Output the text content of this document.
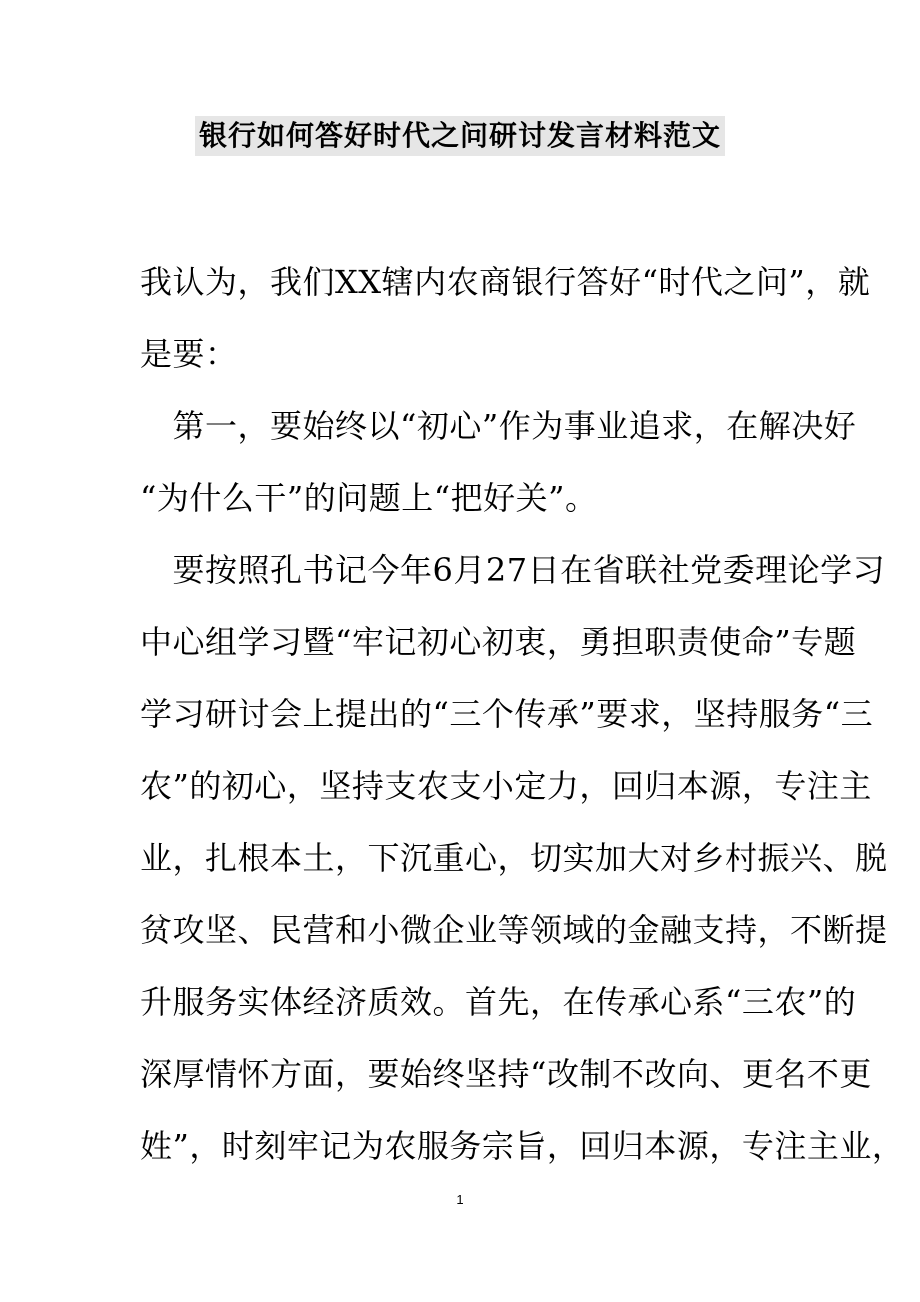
银行如何答好时代之问研讨发言材料范文
我认为，我们XX辖内农商银行答好“时代之问”，就
是要：
　第一，要始终以“初心”作为事业追求，在解决好
“为什么干”的问题上“把好关”。
　要按照孔书记今年6月27日在省联社党委理论学习
中心组学习暨“牢记初心初衷，勇担职责使命”专题
学习研讨会上提出的“三个传承”要求，坚持服务“三
农”的初心，坚持支农支小定力，回归本源，专注主
业，扎根本土，下沉重心，切实加大对乡村振兴、脱
贫攻坚、民营和小微企业等领域的金融支持，不断提
升服务实体经济质效。首先，在传承心系“三农”的
深厚情怀方面，要始终坚持“改制不改向、更名不更
姓”，时刻牢记为农服务宗旨，回归本源，专注主业，
1
